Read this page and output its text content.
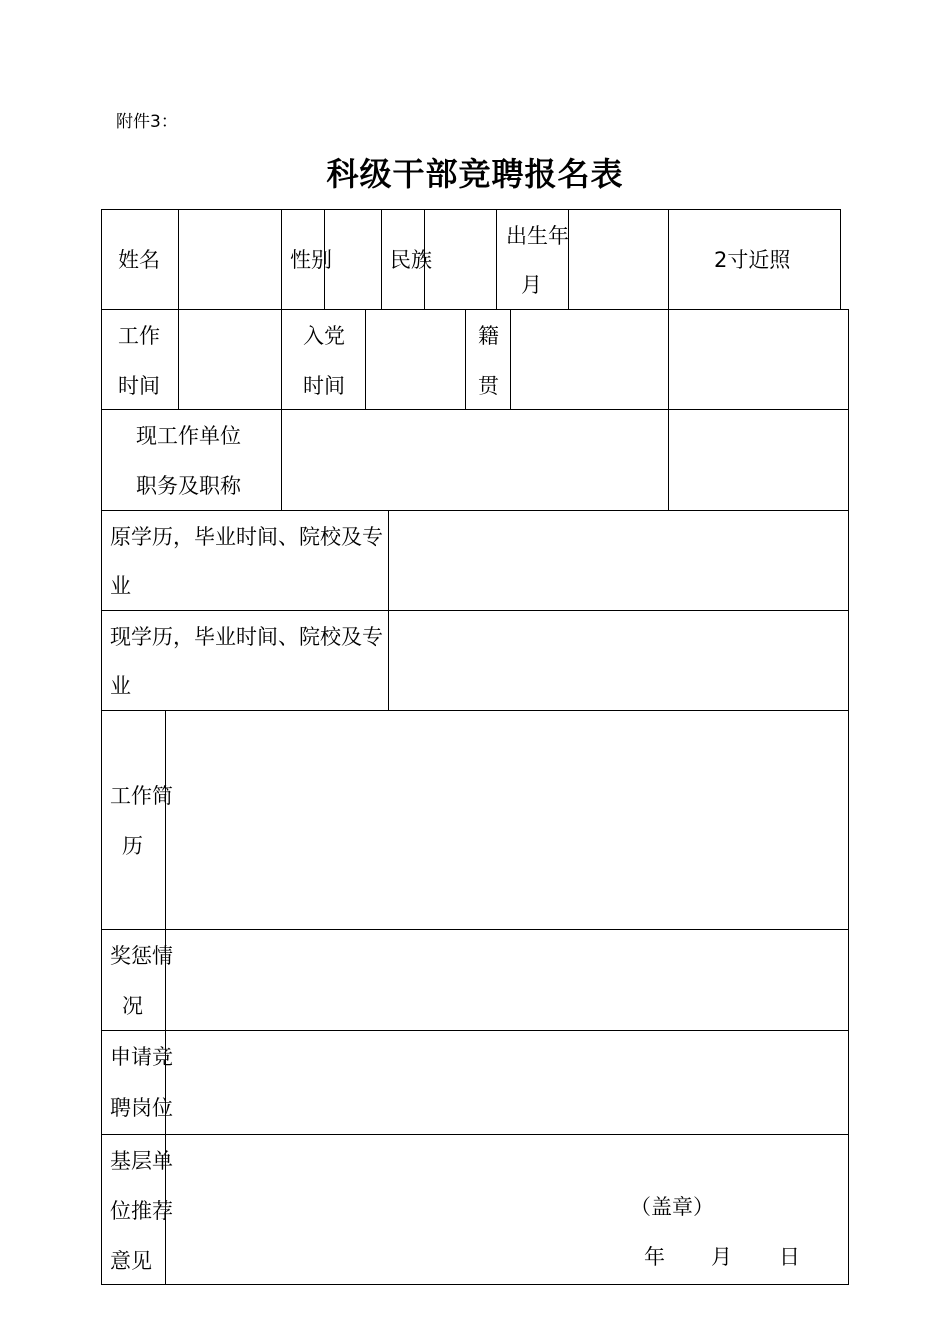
附件3：
科级干部竞聘报名表
姓名	性别	民族
出生年
月
2寸近照
工作
时间
入党
时间
籍
贯
现工作单位
职务及职称
原学历，毕业时间、院校及专
业
现学历，毕业时间、院校及专
业
工作简
历
奖惩情
况
申请竞
聘岗位
基层单
位推荐
意见
（盖章）
年 月 日
